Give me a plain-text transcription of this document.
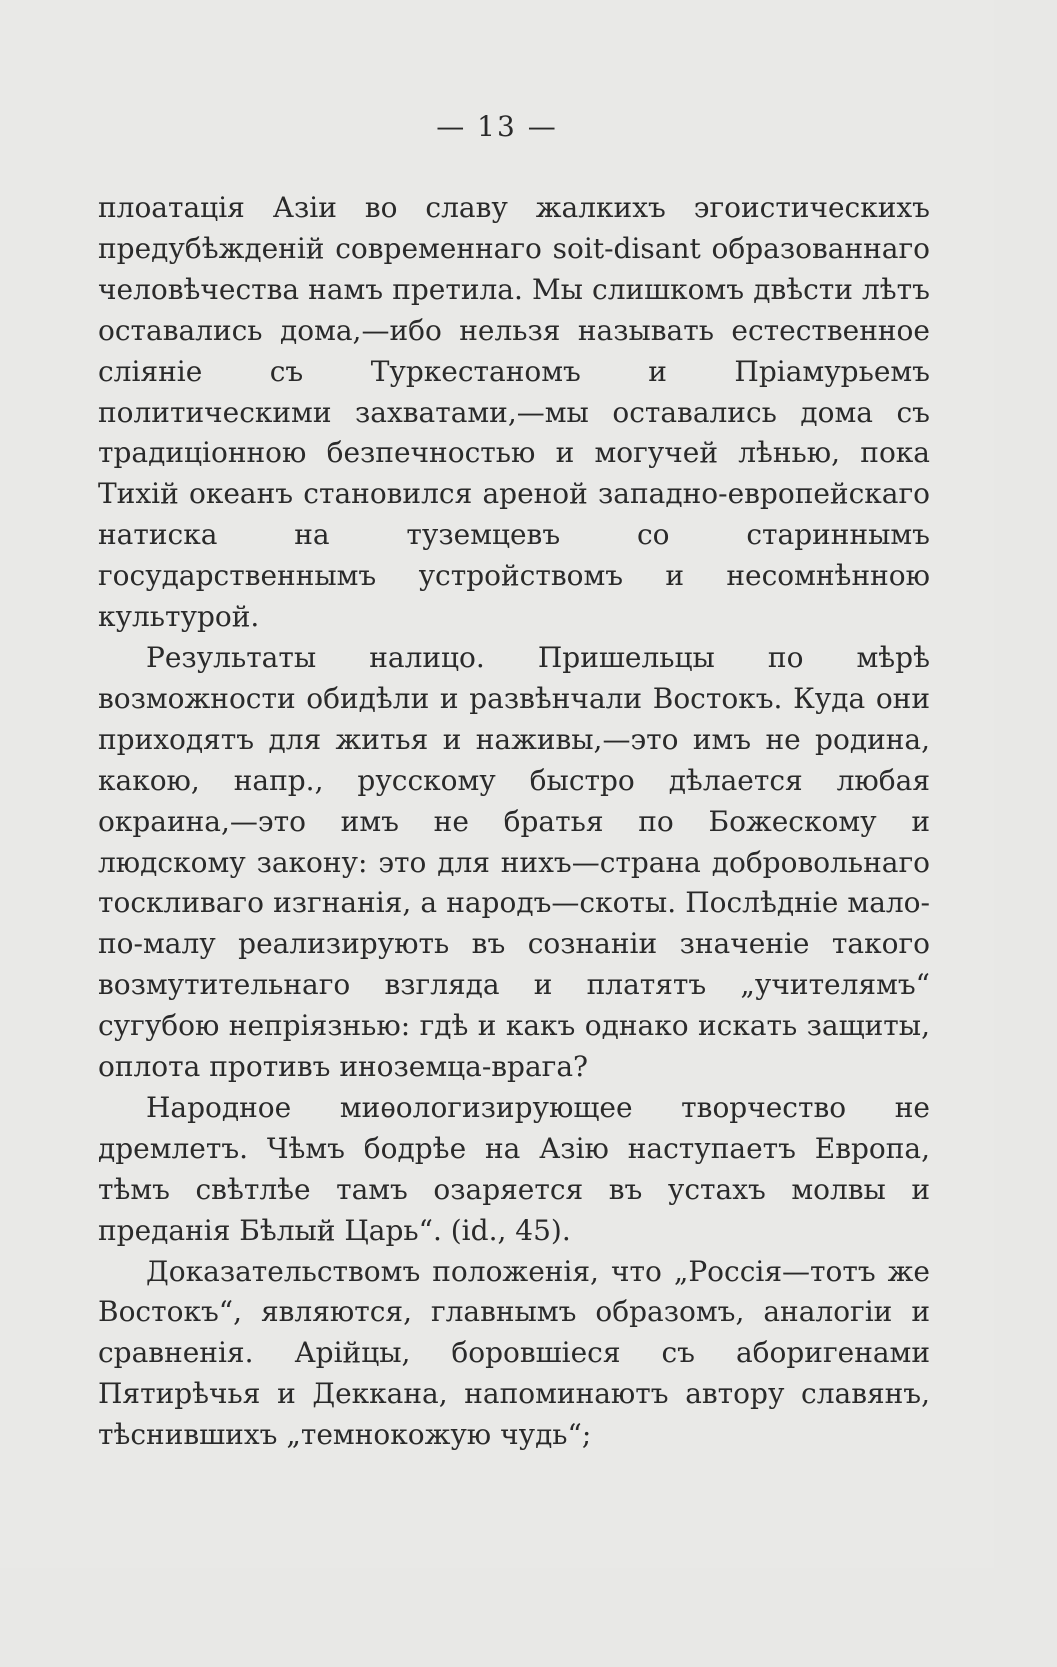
— 13 —

плоатація Азіи во славу жалкихъ эгоистическихъ предубѣжденій современнаго soit-disant образованнаго человѣчества намъ претила. Мы слишкомъ двѣсти лѣтъ оставались дома,—ибо нельзя называть естественное сліяніе съ Туркестаномъ и Пріамурьемъ политическими захватами,—мы оставались дома съ традиціонною безпечностью и могучей лѣнью, пока Тихій океанъ становился ареной западно-европейскаго натиска на туземцевъ со стариннымъ государственнымъ устройствомъ и несомнѣнною культурой.

Результаты налицо. Пришельцы по мѣрѣ возможности обидѣли и развѣнчали Востокъ. Куда они приходятъ для житья и наживы,—это имъ не родина, какою, напр., русскому быстро дѣлается любая окраина,—это имъ не братья по Божескому и людскому закону: это для нихъ—страна добровольнаго тоскливаго изгнанія, а народъ—скоты. Послѣдніе мало-по-малу реализирують въ сознаніи значеніе такого возмутительнаго взгляда и платятъ „учителямъ“ сугубою непріязнью: гдѣ и какъ однако искать защиты, оплота противъ иноземца-врага?

Народное миѳологизирующее творчество не дремлетъ. Чѣмъ бодрѣе на Азію наступаетъ Европа, тѣмъ свѣтлѣе тамъ озаряется въ устахъ молвы и преданія Бѣлый Царь“. (id., 45).

Доказательствомъ положенія, что „Россія—тотъ же Востокъ“, являются, главнымъ образомъ, аналогіи и сравненія. Арійцы, боровшіеся съ аборигенами Пятирѣчья и Деккана, напоминаютъ автору славянъ, тѣснившихъ „темнокожую чудь“;
